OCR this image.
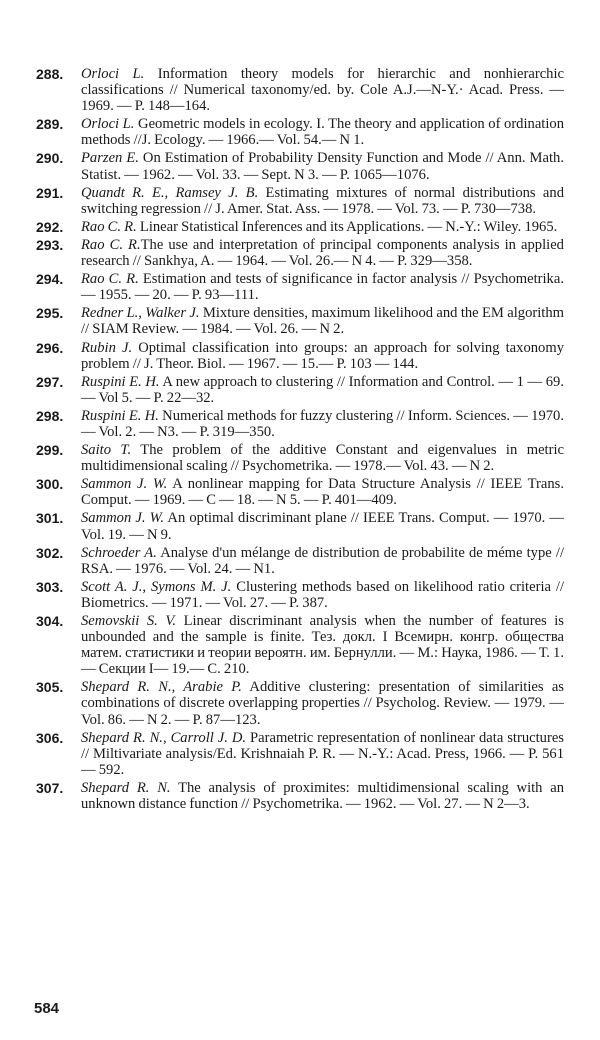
288.	Orloci L. Information theory models for hierarchic and nonhierarchic classifications // Numerical taxonomy/ed. by. Cole A.J.—N-Y.· Acad. Press. — 1969. — P. 148—164.
289.	Orloci L. Geometric models in ecology. I. The theory and application of ordination methods //J. Ecology. — 1966.— Vol. 54.— N 1.
290.	Parzen E. On Estimation of Probability Density Function and Mode // Ann. Math. Statist. — 1962. — Vol. 33. — Sept. N 3. — P. 1065—1076.
291.	Quandt R. E., Ramsey J. B. Estimating mixtures of normal distributions and switching regression // J. Amer. Stat. Ass. — 1978. — Vol. 73. — P. 730—738.
292.	Rao C. R. Linear Statistical Inferences and its Applications. — N.-Y.: Wiley. 1965.
293.	Rao C. R.The use and interpretation of principal components analysis in applied research // Sankhya, A. — 1964. — Vol. 26.— N 4. — P. 329—358.
294.	Rao C. R. Estimation and tests of significance in factor analysis // Psychometrika. — 1955. — 20. — P. 93—111.
295.	Redner L., Walker J. Mixture densities, maximum likelihood and the EM algorithm // SIAM Review. — 1984. — Vol. 26. — N 2.
296.	Rubin J. Optimal classification into groups: an approach for solving taxonomy problem // J. Theor. Biol. — 1967. — 15.— P. 103 — 144.
297.	Ruspini E. H. A new approach to clustering // Information and Control. — 1 — 69. — Vol 5. — P. 22—32.
298.	Ruspini E. H. Numerical methods for fuzzy clustering // Inform. Sciences. — 1970. — Vol. 2. — N3. — P. 319—350.
299.	Saito T. The problem of the additive Constant and eigenvalues in metric multidimensional scaling // Psychometrika. — 1978.— Vol. 43. — N 2.
300.	Sammon J. W. A nonlinear mapping for Data Structure Analysis // IEEE Trans. Comput. — 1969. — C — 18. — N 5. — P. 401—409.
301.	Sammon J. W. An optimal discriminant plane // IEEE Trans. Comput. — 1970. — Vol. 19. — N 9.
302.	Schroeder A. Analyse d'un mélange de distribution de probabilite de méme type // RSA. — 1976. — Vol. 24. — N1.
303.	Scott A. J., Symons M. J. Clustering methods based on likelihood ratio criteria // Biometrics. — 1971. — Vol. 27. — P. 387.
304.	Semovskii S. V. Linear discriminant analysis when the number of features is unbounded and the sample is finite. Тез. докл. I Всемирн. конгр. общества матем. статистики и теории вероятн. им. Бернулли. — М.: Наука, 1986. — Т. 1. — Секции I— 19.— С. 210.
305.	Shepard R. N., Arabie P. Additive clustering: presentation of similarities as combinations of discrete overlapping properties // Psycholog. Review. — 1979. — Vol. 86. — N 2. — P. 87—123.
306.	Shepard R. N., Carroll J. D. Parametric representation of nonlinear data structures // Miltivariate analysis/Ed. Krishnaiah P. R. — N.-Y.: Acad. Press, 1966. — P. 561 — 592.
307.	Shepard R. N. The analysis of proximites: multidimensional scaling with an unknown distance function // Psychometrika. — 1962. — Vol. 27. — N 2—3.
584
